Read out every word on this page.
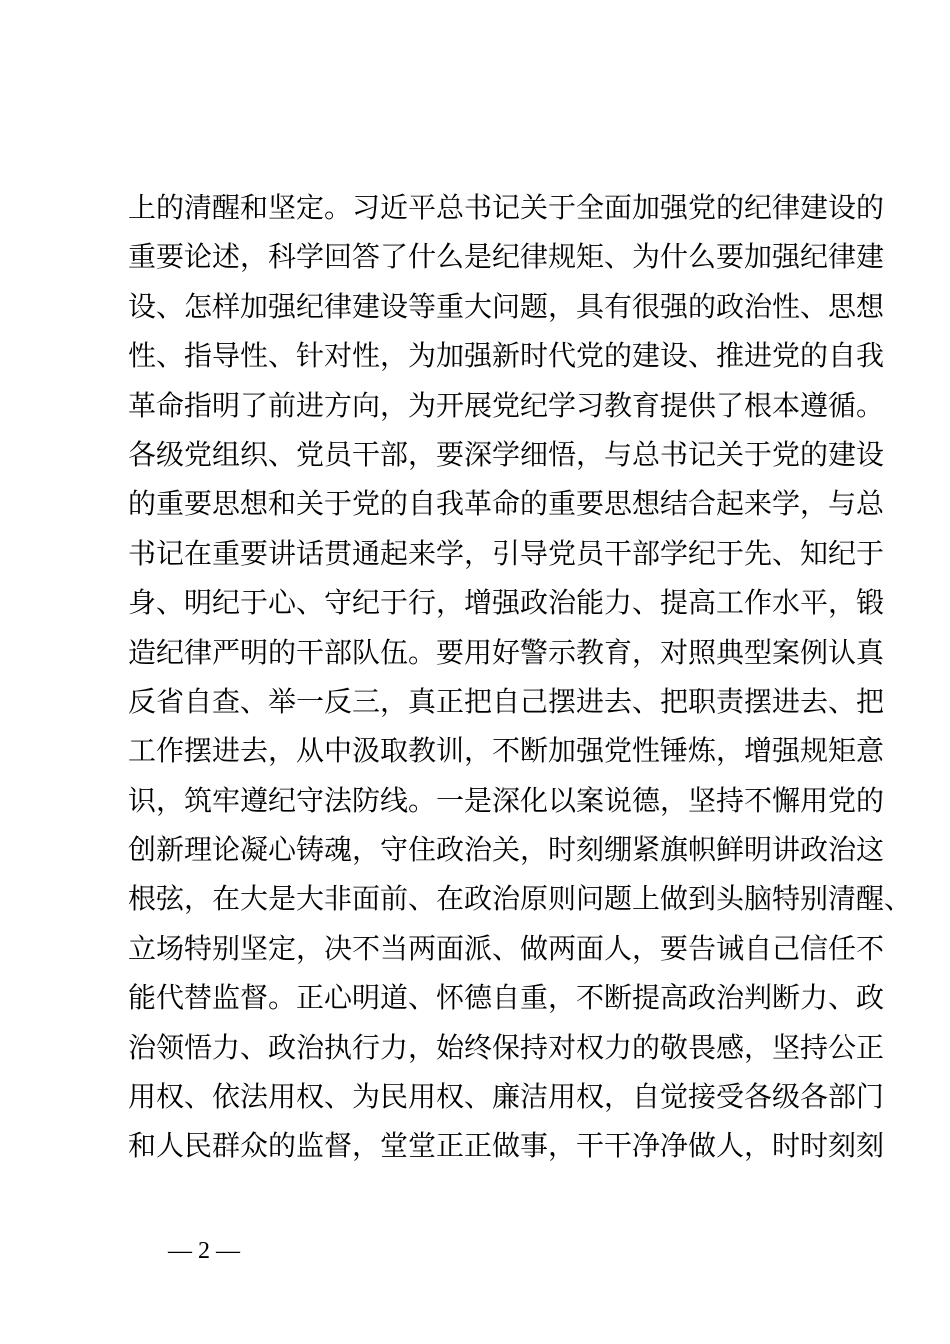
上的清醒和坚定。习近平总书记关于全面加强党的纪律建设的
重要论述，科学回答了什么是纪律规矩、为什么要加强纪律建
设、怎样加强纪律建设等重大问题，具有很强的政治性、思想
性、指导性、针对性，为加强新时代党的建设、推进党的自我
革命指明了前进方向，为开展党纪学习教育提供了根本遵循。
各级党组织、党员干部，要深学细悟，与总书记关于党的建设
的重要思想和关于党的自我革命的重要思想结合起来学，与总
书记在重要讲话贯通起来学，引导党员干部学纪于先、知纪于
身、明纪于心、守纪于行，增强政治能力、提高工作水平，锻
造纪律严明的干部队伍。要用好警示教育，对照典型案例认真
反省自查、举一反三，真正把自己摆进去、把职责摆进去、把
工作摆进去，从中汲取教训，不断加强党性锤炼，增强规矩意
识，筑牢遵纪守法防线。一是深化以案说德，坚持不懈用党的
创新理论凝心铸魂，守住政治关，时刻绷紧旗帜鲜明讲政治这
根弦，在大是大非面前、在政治原则问题上做到头脑特别清醒、
立场特别坚定，决不当两面派、做两面人，要告诫自己信任不
能代替监督。正心明道、怀德自重，不断提高政治判断力、政
治领悟力、政治执行力，始终保持对权力的敬畏感，坚持公正
用权、依法用权、为民用权、廉洁用权，自觉接受各级各部门
和人民群众的监督，堂堂正正做事，干干净净做人，时时刻刻
— 2 —
